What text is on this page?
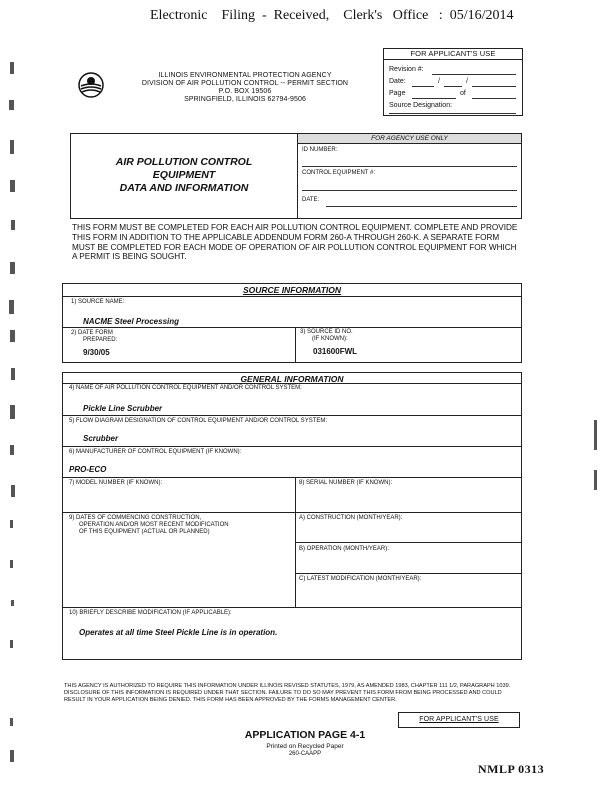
Electronic    Filing  -  Received,    Clerk's   Office   :  05/16/2014
ILLINOIS ENVIRONMENTAL PROTECTION AGENCY
DIVISION OF AIR POLLUTION CONTROL -- PERMIT SECTION
P.O. BOX 19506
SPRINGFIELD, ILLINOIS 62794-9506
FOR APPLICANT'S USE
Revision #:
Date:	/	/
Page	of
Source Designation:
AIR POLLUTION CONTROL
EQUIPMENT
DATA AND INFORMATION
FOR AGENCY USE ONLY
ID NUMBER:
CONTROL EQUIPMENT #:
DATE:
THIS FORM MUST BE COMPLETED FOR EACH AIR POLLUTION CONTROL EQUIPMENT. COMPLETE AND PROVIDE THIS FORM IN ADDITION TO THE APPLICABLE ADDENDUM FORM 260-A THROUGH 260-K. A SEPARATE FORM MUST BE COMPLETED FOR EACH MODE OF OPERATION OF AIR POLLUTION CONTROL EQUIPMENT FOR WHICH A PERMIT IS BEING SOUGHT.
SOURCE INFORMATION
1) SOURCE NAME:
NACME Steel Processing
2) DATE FORM
PREPARED:
9/30/05
3) SOURCE ID NO.
(IF KNOWN):
031600FWL
GENERAL INFORMATION
4) NAME OF AIR POLLUTION CONTROL EQUIPMENT AND/OR CONTROL SYSTEM:
Pickle Line Scrubber
5) FLOW DIAGRAM DESIGNATION OF CONTROL EQUIPMENT AND/OR CONTROL SYSTEM:
Scrubber
6) MANUFACTURER OF CONTROL EQUIPMENT (IF KNOWN):
PRO-ECO
7) MODEL NUMBER (IF KNOWN):	8) SERIAL NUMBER (IF KNOWN):
9) DATES OF COMMENCING CONSTRUCTION,
OPERATION AND/OR MOST RECENT MODIFICATION
OF THIS EQUIPMENT (ACTUAL OR PLANNED)
A) CONSTRUCTION (MONTH/YEAR):
B) OPERATION (MONTH/YEAR):
C) LATEST MODIFICATION (MONTH/YEAR):
10) BRIEFLY DESCRIBE MODIFICATION (IF APPLICABLE):
Operates at all time Steel Pickle Line is in operation.
THIS AGENCY IS AUTHORIZED TO REQUIRE THIS INFORMATION UNDER ILLINOIS REVISED STATUTES, 1979, AS AMENDED 1983, CHAPTER 111 1/2, PARAGRAPH 1039. DISCLOSURE OF THIS INFORMATION IS REQUIRED UNDER THAT SECTION. FAILURE TO DO SO MAY PREVENT THIS FORM FROM BEING PROCESSED AND COULD RESULT IN YOUR APPLICATION BEING DENIED. THIS FORM HAS BEEN APPROVED BY THE FORMS MANAGEMENT CENTER.
FOR APPLICANT'S USE
APPLICATION PAGE 4-1
Printed on Recycled Paper
260-CAAPP
NMLP 0313
